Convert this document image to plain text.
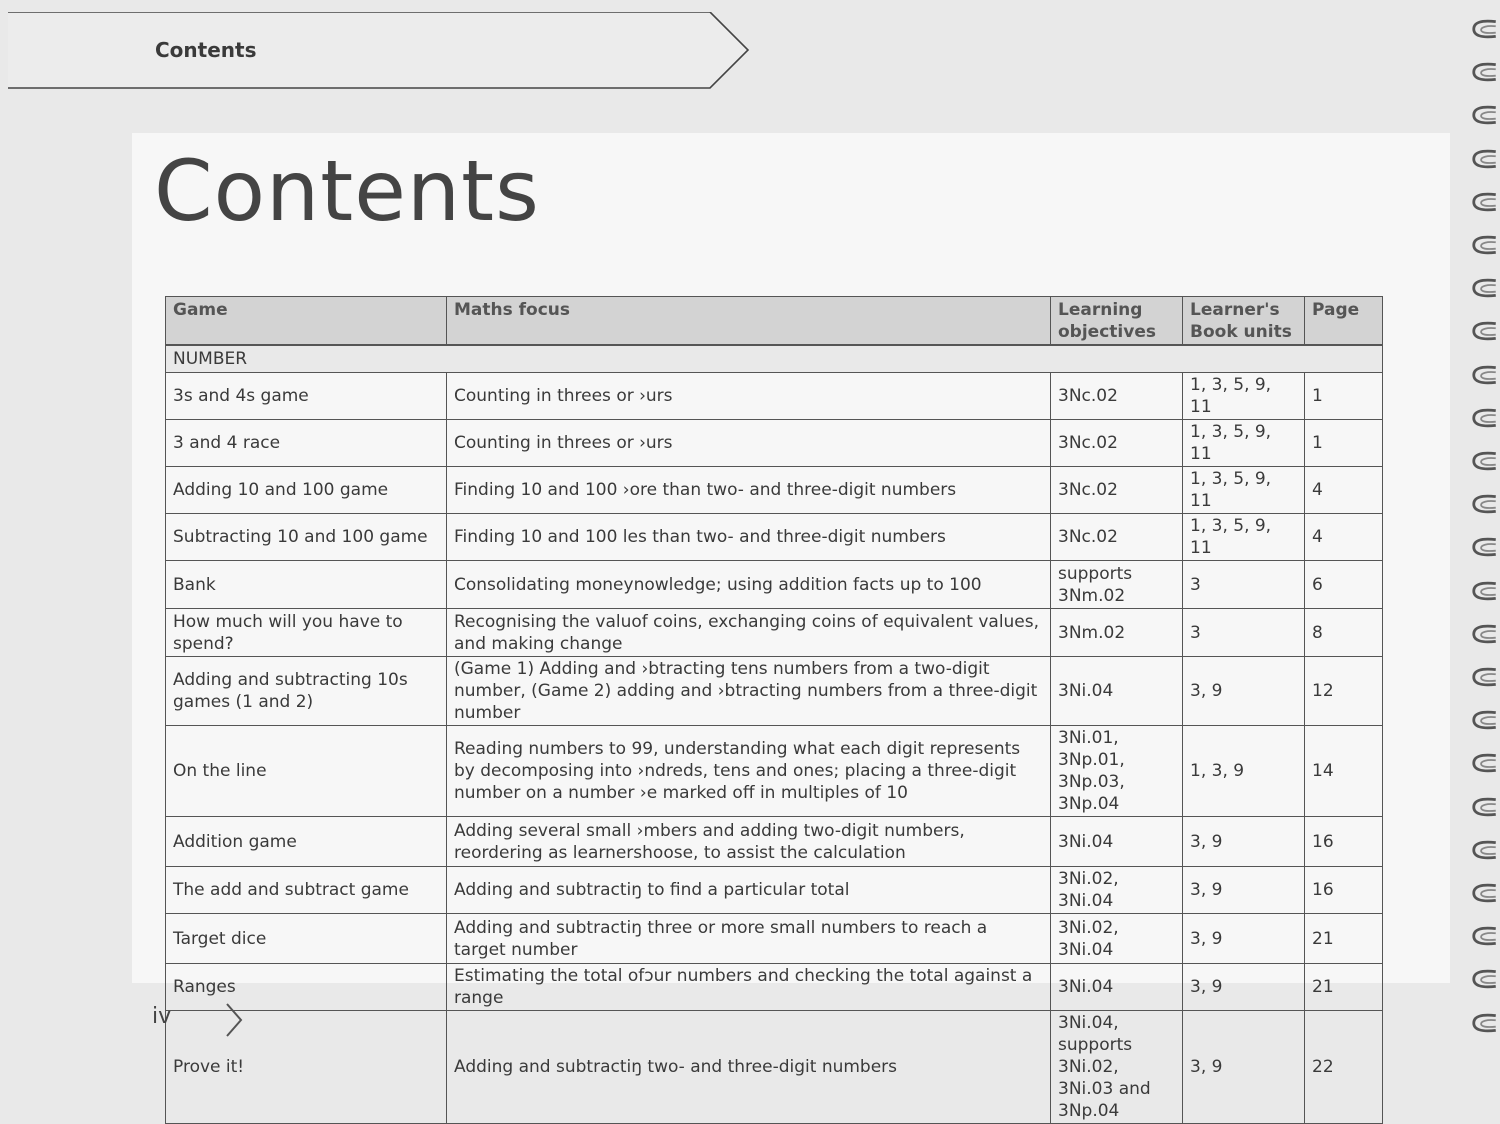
Contents
Contents
Game	Maths focus	Learning objectives	Learner's Book units	Page
NUMBER				
3s and 4s game	Counting in threes or ›urs	3Nc.02	1, 3, 5, 9, 11	1
3 and 4 race	Counting in threes or ›urs	3Nc.02	1, 3, 5, 9, 11	1
Adding 10 and 100 game	Finding 10 and 100 ›ore than two- and three-digit numbers	3Nc.02	1, 3, 5, 9, 11	4
Subtracting 10 and 100 game	Finding 10 and 100 les than two- and three-digit numbers	3Nc.02	1, 3, 5, 9, 11	4
Bank	Consolidating moneynowledge; using addition facts up to 100	supports 3Nm.02	3	6
How much will you have to spend?	Recognising the valuof coins, exchanging coins of equivalent values, and making change	3Nm.02	3	8
Adding and subtracting 10s games (1 and 2)	(Game 1) Adding and ›btracting tens numbers from a two-digit number, (Game 2) adding and ›btracting numbers from a three-digit number	3Ni.04	3, 9	12
On the line	Reading numbers to 99, understanding what each digit represents by decomposing into ›ndreds, tens and ones; placing a three-digit number on a number ›e marked off in multiples of 10	3Ni.01, 3Np.01, 3Np.03, 3Np.04	1, 3, 9	14
Addition game	Adding several small ›mbers and adding two-digit numbers, reordering as learnershoose, to assist the calculation	3Ni.04	3, 9	16
The add and subtract game	Adding and subtractiŋ to find a particular total	3Ni.02, 3Ni.04	3, 9	16
Target dice	Adding and subtractiŋ three or more small numbers to reach a target number	3Ni.02, 3Ni.04	3, 9	21
Ranges	Estimating the total ofɔur numbers and checking the total against a range	3Ni.04	3, 9	21
Prove it!	Adding and subtractiŋ two- and three-digit numbers	3Ni.04, supports 3Ni.02, 3Ni.03 and 3Np.04	3, 9	22
iv
